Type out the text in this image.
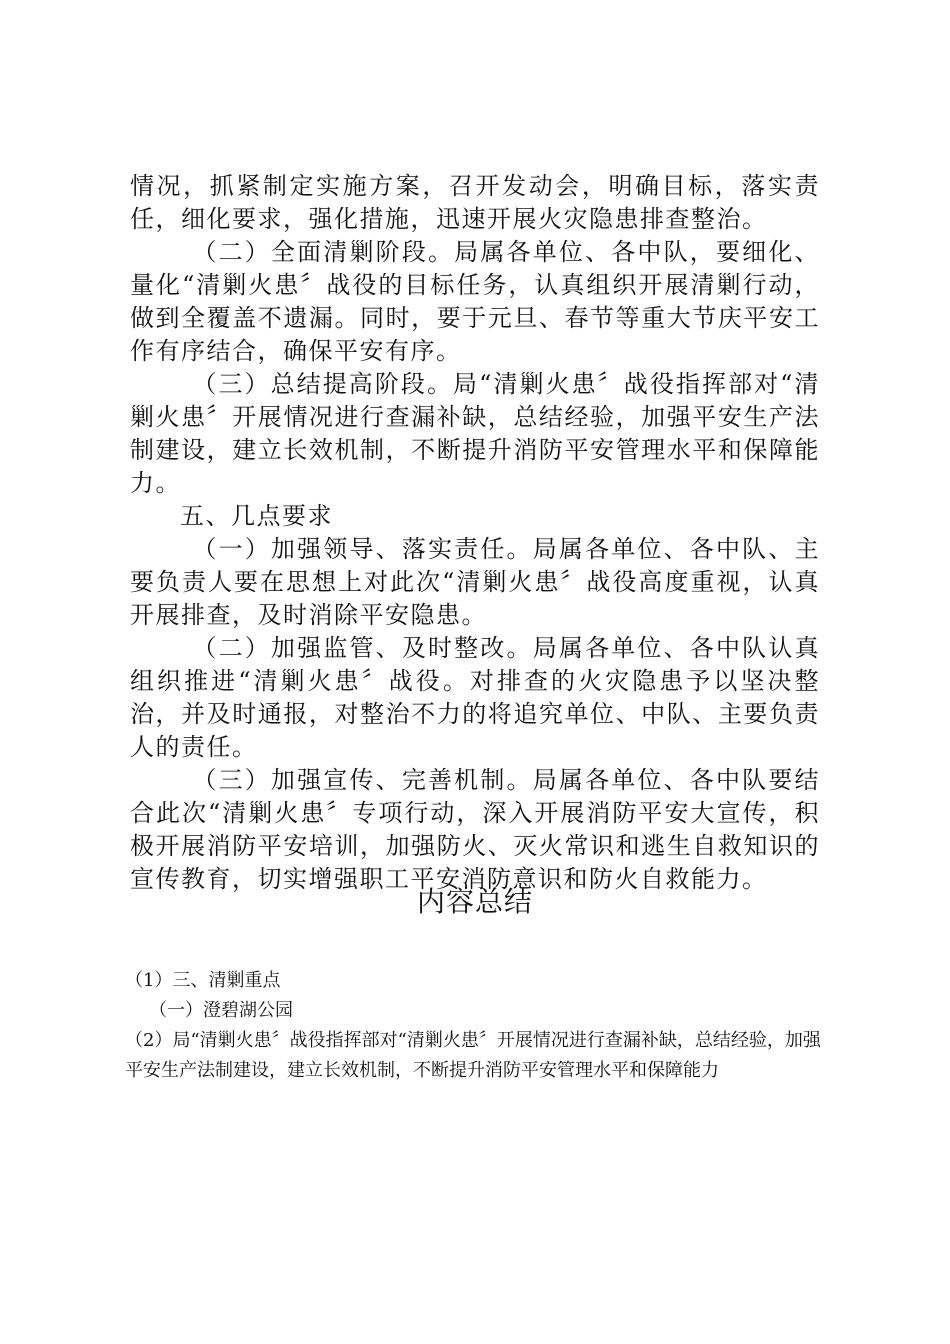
情况，抓紧制定实施方案，召开发动会，明确目标，落实责任，细化要求，强化措施，迅速开展火灾隐患排查整治。

（二）全面清剿阶段。局属各单位、各中队，要细化、量化“清剿火患〞战役的目标任务，认真组织开展清剿行动，做到全覆盖不遗漏。同时，要于元旦、春节等重大节庆平安工作有序结合，确保平安有序。

（三）总结提高阶段。局“清剿火患〞战役指挥部对“清剿火患〞开展情况进行查漏补缺，总结经验，加强平安生产法制建设，建立长效机制，不断提升消防平安管理水平和保障能力。

五、几点要求

（一）加强领导、落实责任。局属各单位、各中队、主要负责人要在思想上对此次“清剿火患〞战役高度重视，认真开展排查，及时消除平安隐患。

（二）加强监管、及时整改。局属各单位、各中队认真组织推进“清剿火患〞战役。对排查的火灾隐患予以坚决整治，并及时通报，对整治不力的将追究单位、中队、主要负责人的责任。

（三）加强宣传、完善机制。局属各单位、各中队要结合此次“清剿火患〞专项行动，深入开展消防平安大宣传，积极开展消防平安培训，加强防火、灭火常识和逃生自救知识的宣传教育，切实增强职工平安消防意识和防火自救能力。

内容总结

（1）三、清剿重点

（一）澄碧湖公园

（2）局“清剿火患〞战役指挥部对“清剿火患〞开展情况进行查漏补缺，总结经验，加强平安生产法制建设，建立长效机制，不断提升消防平安管理水平和保障能力
